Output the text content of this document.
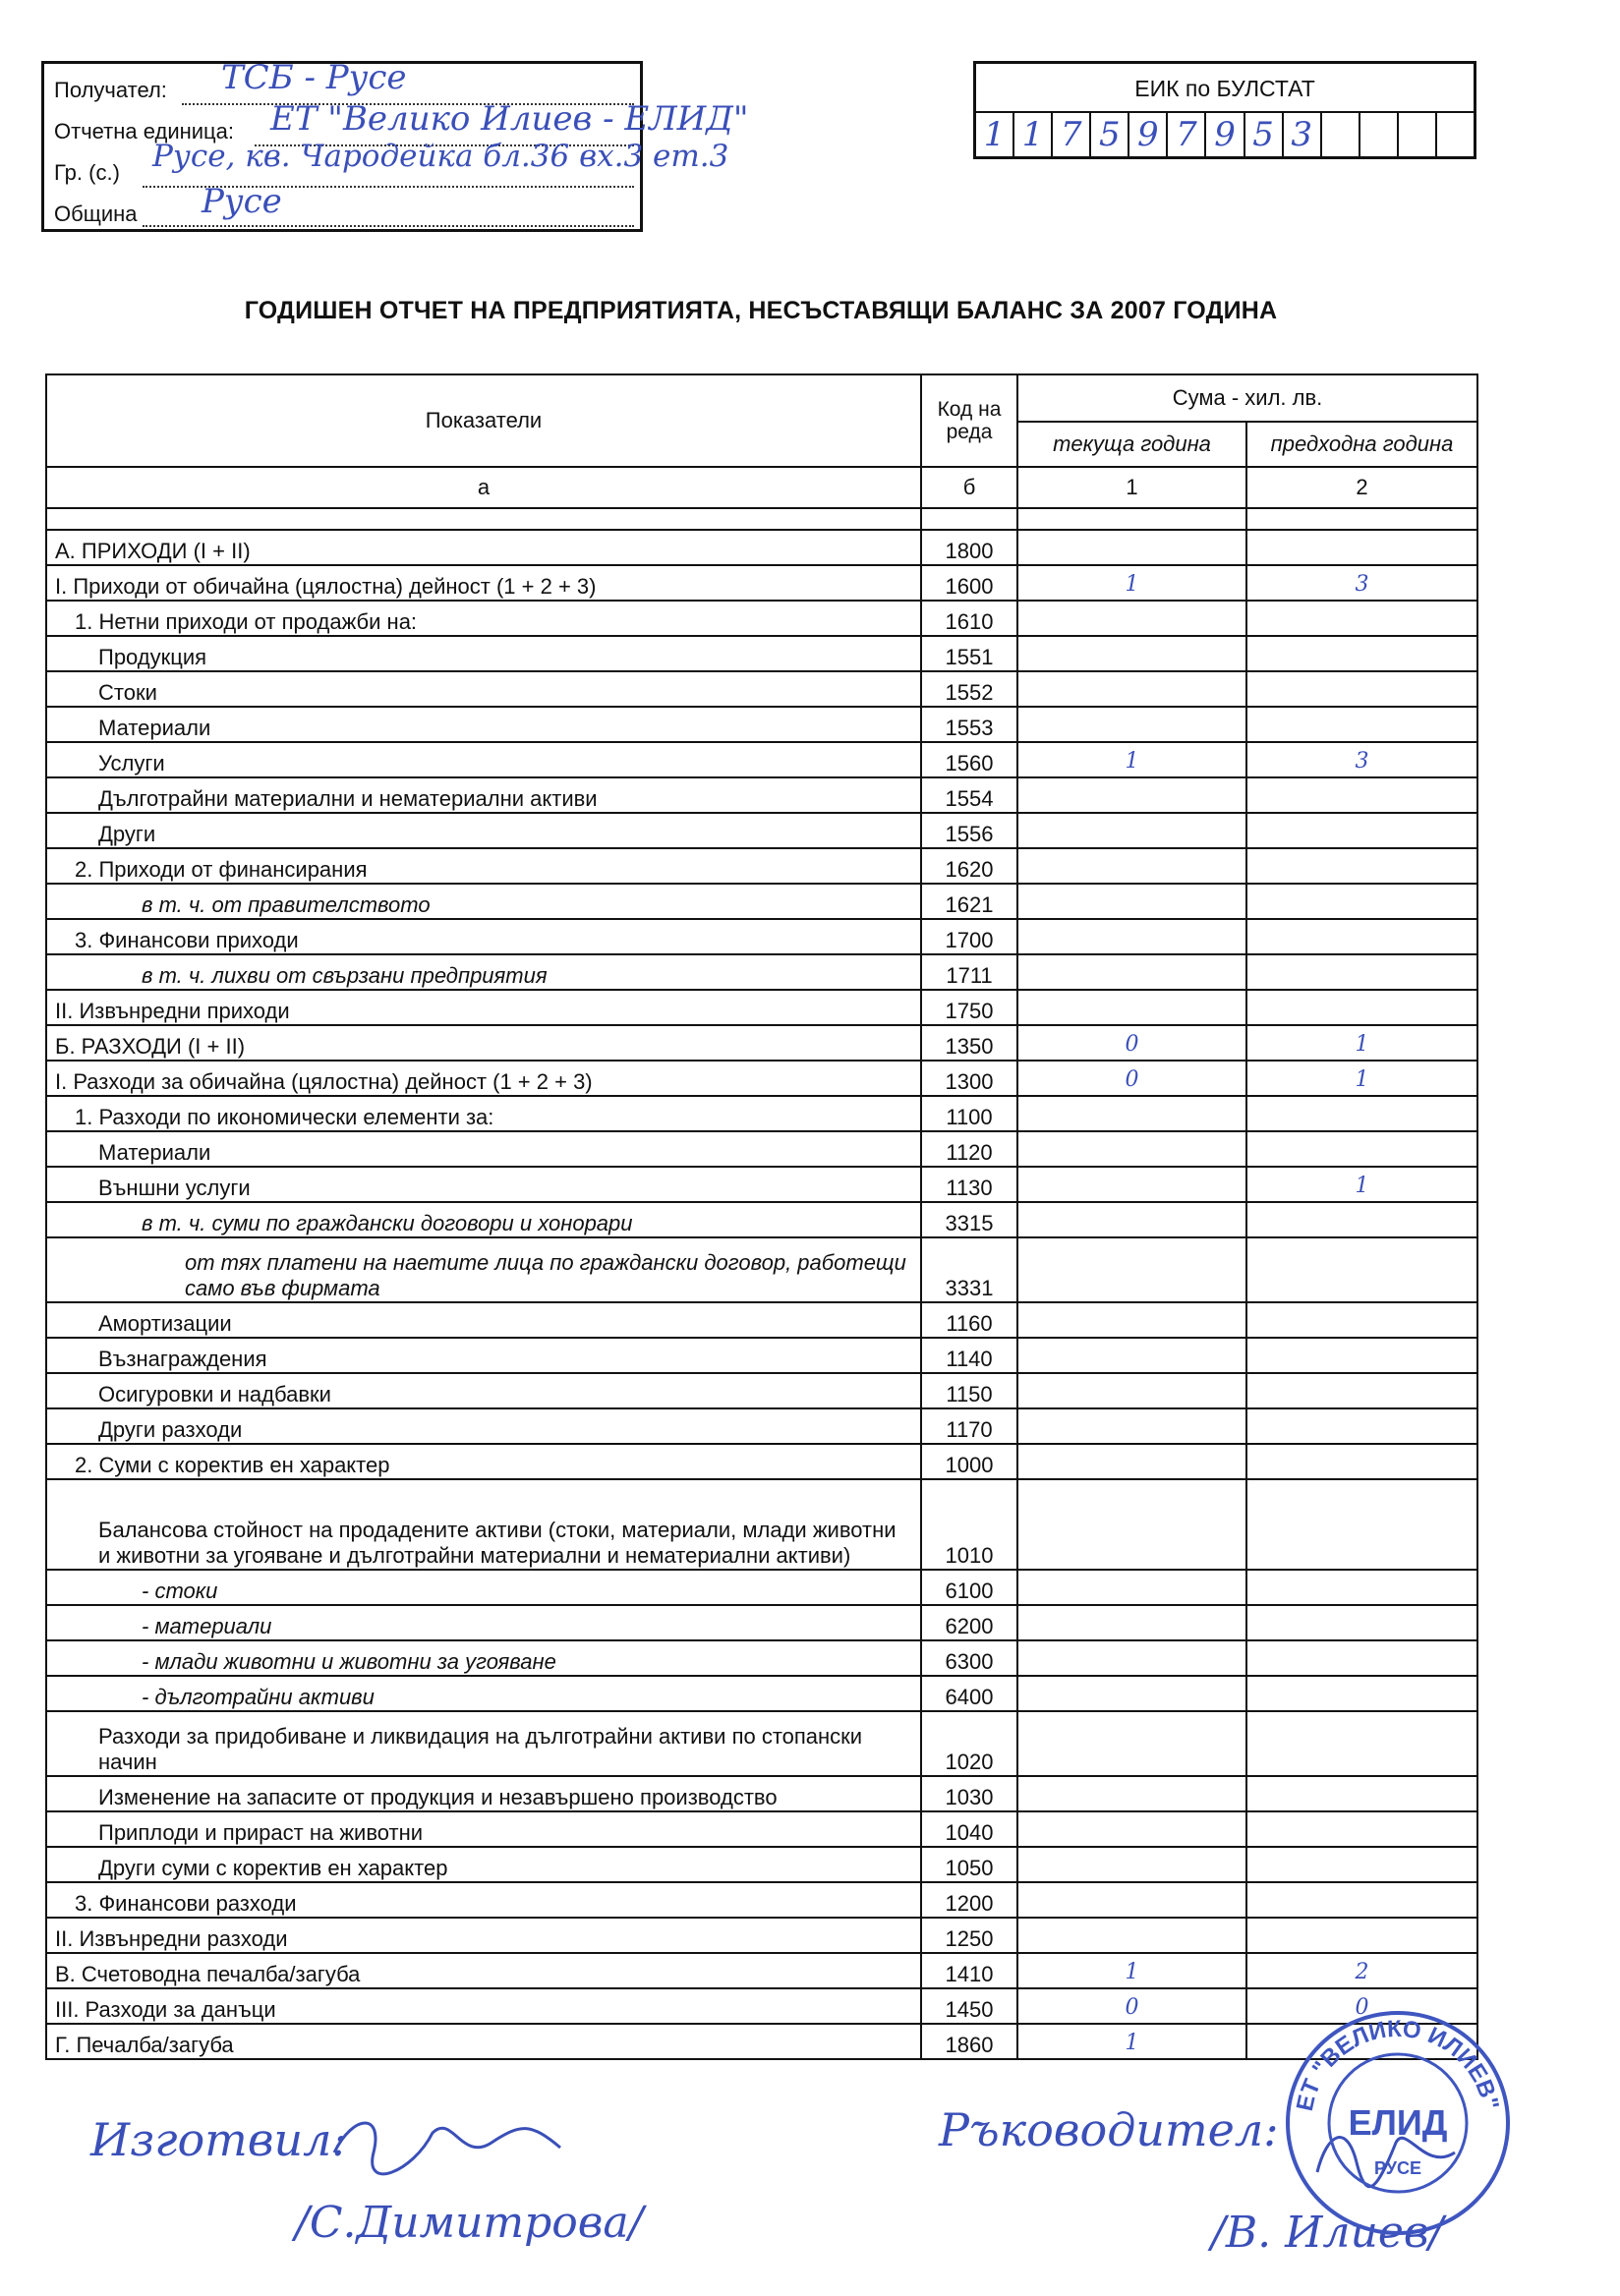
Получател: ТСБ - Русе
Отчетна единица: ЕТ "Велико Илиев - ЕЛИД"
Гр. (с.) Русе, кв. Чародейка бл.36 вх.3 ет.3
Община Русе
ЕИК по БУЛСТАТ
1 1 7 5 9 7 9 5 3
ГОДИШЕН ОТЧЕТ НА ПРЕДПРИЯТИЯТА, НЕСЪСТАВЯЩИ БАЛАНС ЗА 2007 ГОДИНА
Показатели	Код на реда	Сума - хил. лв.	
		текуща година	предходна година
а	б	1	2

А. ПРИХОДИ (I + II)	1800		
I. Приходи от обичайна (цялостна) дейност (1 + 2 + 3)	1600	1	3
1. Нетни приходи от продажби на:	1610		
Продукция	1551		
Стоки	1552		
Материали	1553		
Услуги	1560	1	3
Дълготрайни материални и нематериални активи	1554		
Други	1556		
2. Приходи от финансирания	1620		
в т. ч. от правителството	1621		
3. Финансови приходи	1700		
в т. ч. лихви от свързани предприятия	1711		
II. Извънредни приходи	1750		
Б. РАЗХОДИ (I + II)	1350	0	1
I. Разходи за обичайна (цялостна) дейност (1 + 2 + 3)	1300	0	1
1. Разходи по икономически елементи за:	1100		
Материали	1120		
Външни услуги	1130		1
в т. ч. суми по граждански договори и хонорари	3315		
от тях платени на наетите лица по граждански договор, работещи само във фирмата	3331		
Амортизации	1160		
Възнаграждения	1140		
Осигуровки и надбавки	1150		
Други разходи	1170		
2. Суми с коректив ен характер	1000		
Балансова стойност на продадените активи (стоки, материали, млади животни и животни за угояване и дълготрайни материални и нематериални активи)	1010		
- стоки	6100		
- материали	6200		
- млади животни и животни за угояване	6300		
- дълготрайни активи	6400		
Разходи за придобиване и ликвидация на дълготрайни активи по стопански начин	1020		
Изменение на запасите от продукция и незавършено производство	1030		
Приплоди и прираст на животни	1040		
Други суми с коректив ен характер	1050		
3. Финансови разходи	1200		
II. Извънредни разходи	1250		
В. Счетоводна печалба/загуба	1410	1	2
III. Разходи за данъци	1450	0	0
Г. Печалба/загуба	1860	1	
Изготвил:
/С.Димитрова/
Ръководител:
/В. Илиев/
ЕТ "ВЕЛИКО ИЛИЕВ"
ЕЛИД
РУСЕ
